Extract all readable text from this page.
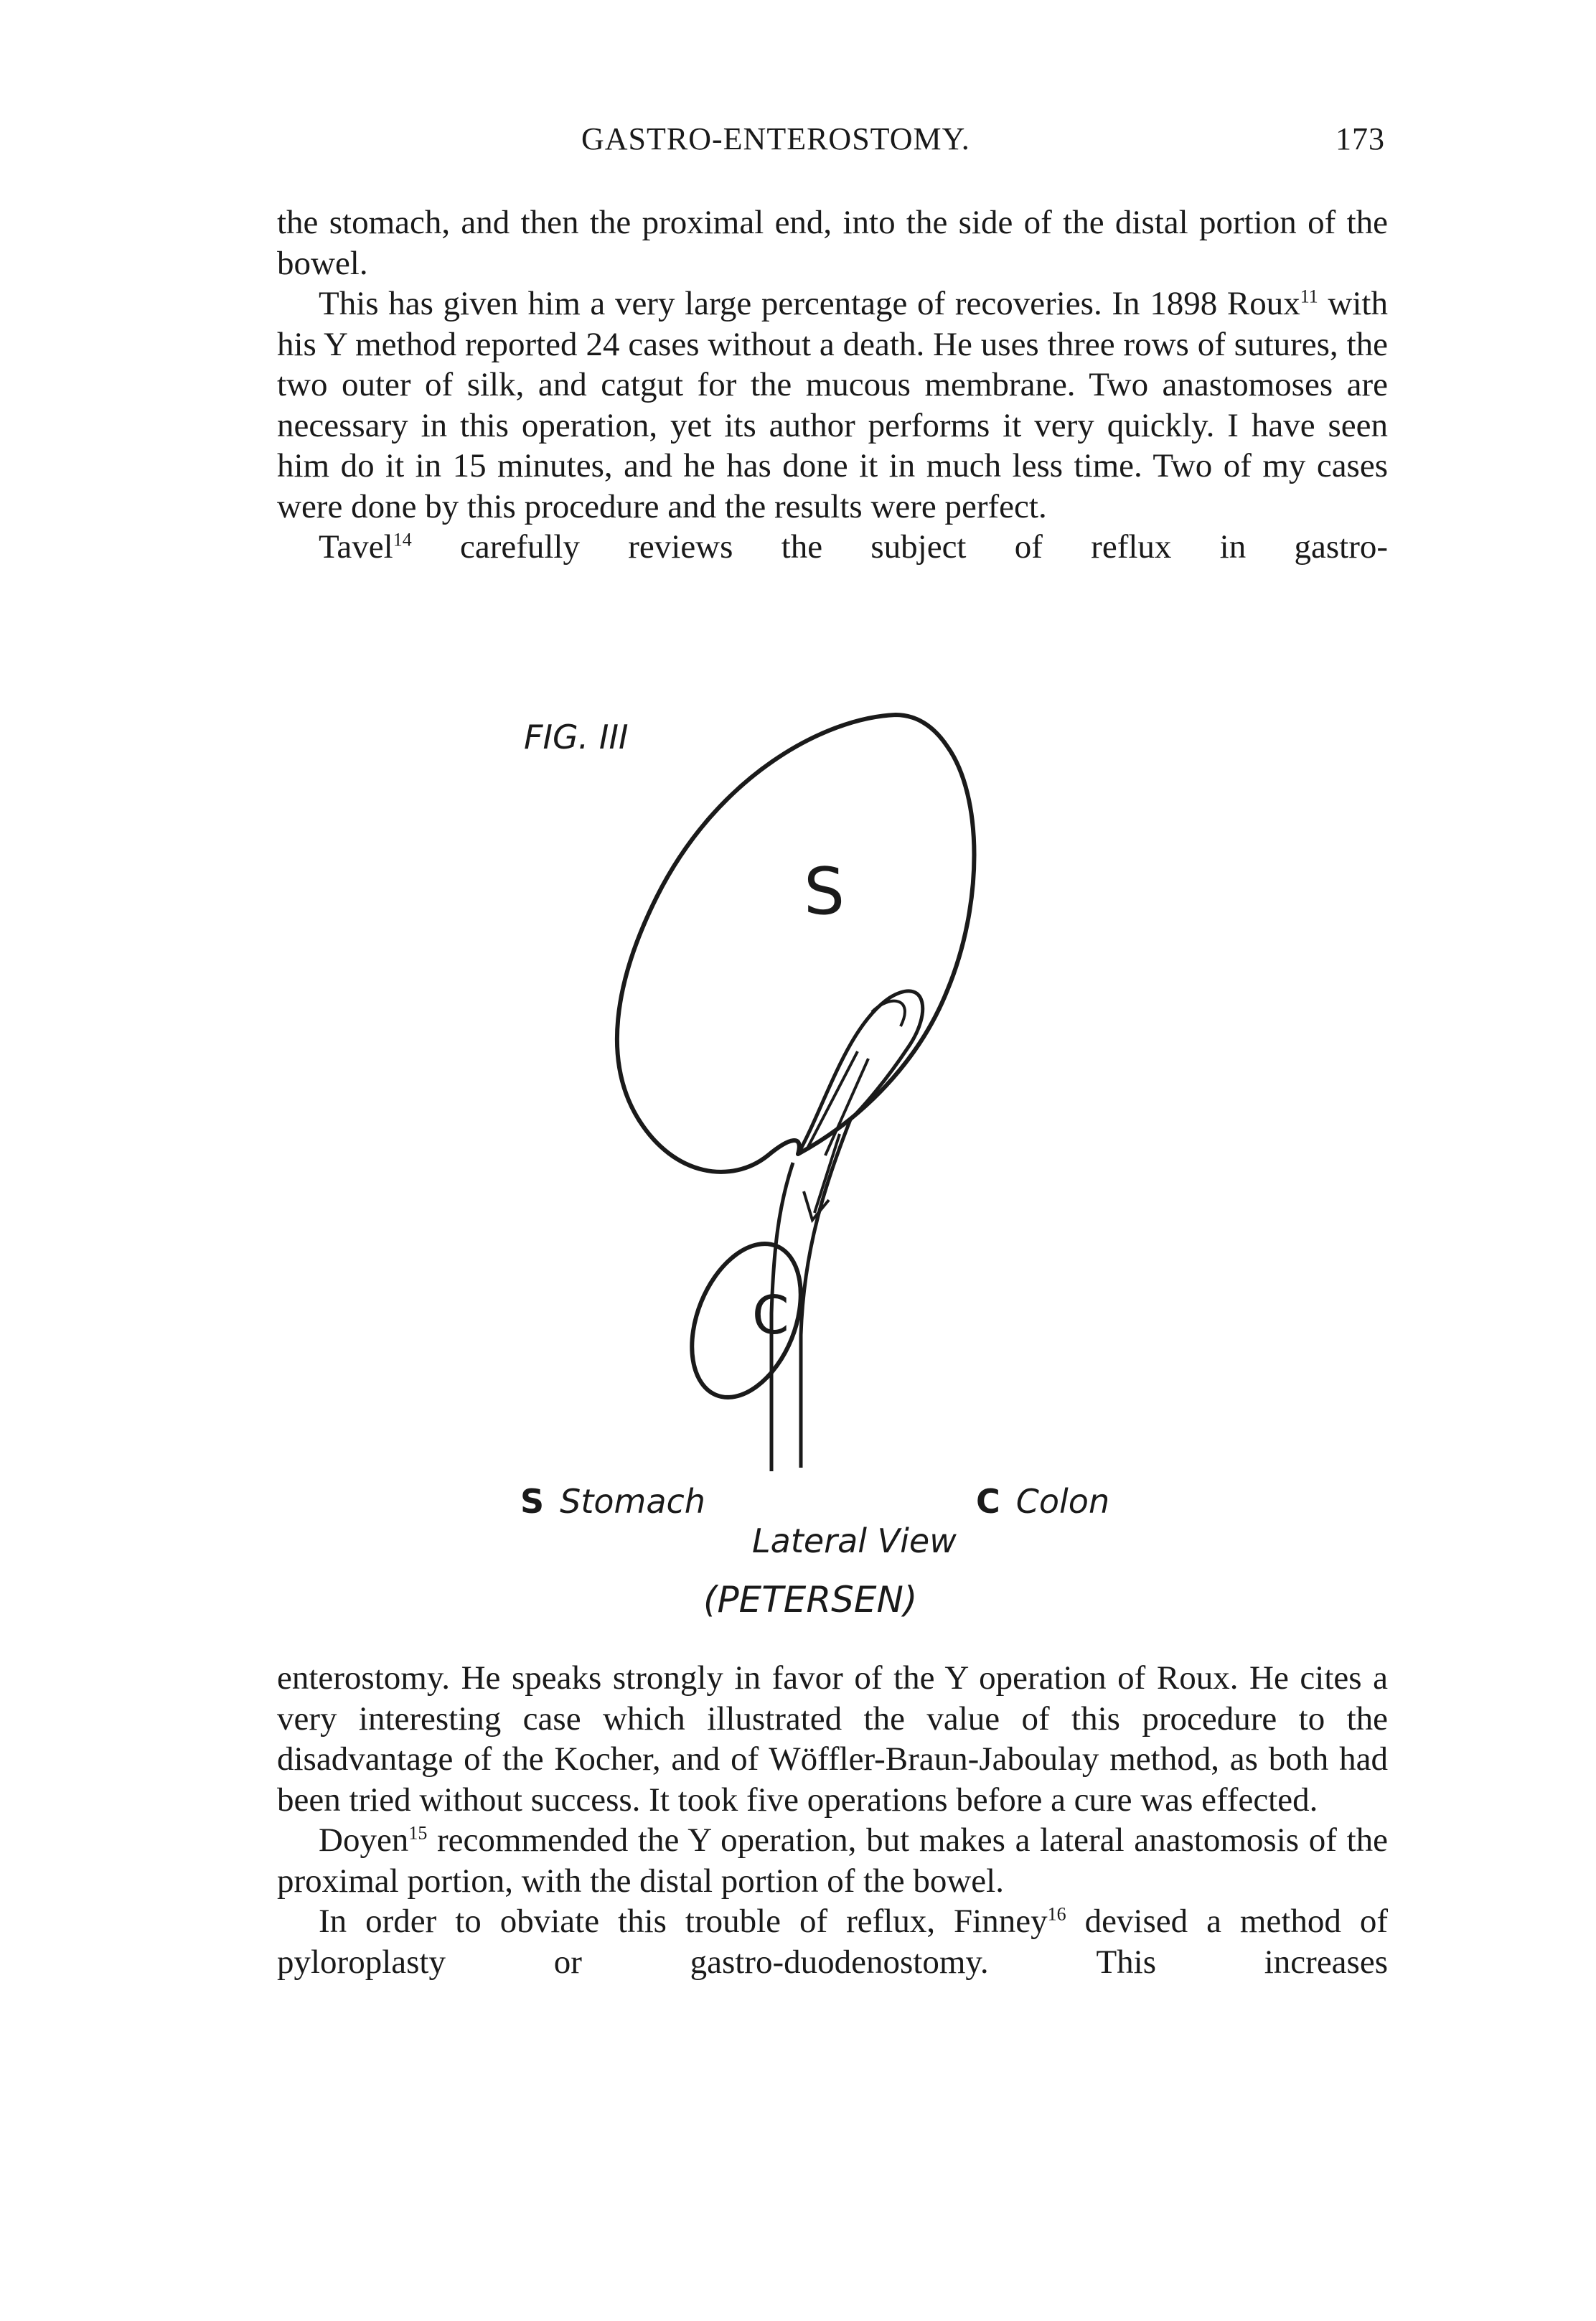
GASTRO-ENTEROSTOMY.	173

the stomach, and then the proximal end, into the side of the distal portion of the bowel.

This has given him a very large percentage of recoveries. In 1898 Roux$^{11}$ with his Y method reported 24 cases without a death. He uses three rows of sutures, the two outer of silk, and catgut for the mucous membrane. Two anastomoses are necessary in this operation, yet its author performs it very quickly. I have seen him do it in 15 minutes, and he has done it in much less time. Two of my cases were done by this procedure and the results were perfect.

Tavel$^{14}$ carefully reviews the subject of reflux in gastro-

FIG. III
S
C
S Stomach	C Colon
Lateral View
(PETERSEN)

enterostomy. He speaks strongly in favor of the Y operation of Roux. He cites a very interesting case which illustrated the value of this procedure to the disadvantage of the Kocher, and of Wöffler-Braun-Jaboulay method, as both had been tried without success. It took five operations before a cure was effected.

Doyen$^{15}$ recommended the Y operation, but makes a lateral anastomosis of the proximal portion, with the distal portion of the bowel.

In order to obviate this trouble of reflux, Finney$^{16}$ devised a method of pyloroplasty or gastro-duodenostomy. This increases
